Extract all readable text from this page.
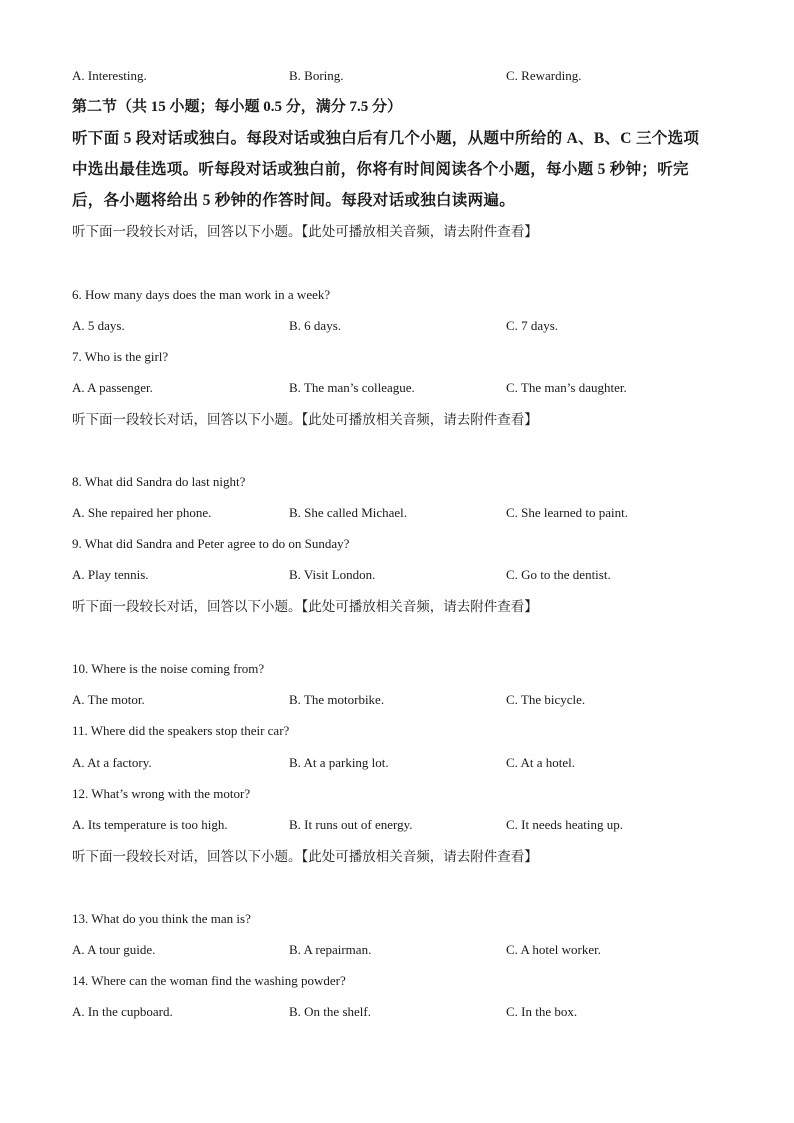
A. Interesting.	B. Boring.	C. Rewarding.
第二节（共 15 小题；每小题 0.5 分，满分 7.5 分）
听下面 5 段对话或独白。每段对话或独白后有几个小题，从题中所给的 A、B、C 三个选项
中选出最佳选项。听每段对话或独白前，你将有时间阅读各个小题，每小题 5 秒钟；听完
后，各小题将给出 5 秒钟的作答时间。每段对话或独白读两遍。
听下面一段较长对话，回答以下小题。【此处可播放相关音频，请去附件查看】
6. How many days does the man work in a week?
A. 5 days.	B. 6 days.	C. 7 days.
7. Who is the girl?
A. A passenger.	B. The man’s colleague.	C. The man’s daughter.
听下面一段较长对话，回答以下小题。【此处可播放相关音频，请去附件查看】
8. What did Sandra do last night?
A. She repaired her phone.	B. She called Michael.	C. She learned to paint.
9. What did Sandra and Peter agree to do on Sunday?
A. Play tennis.	B. Visit London.	C. Go to the dentist.
听下面一段较长对话，回答以下小题。【此处可播放相关音频，请去附件查看】
10. Where is the noise coming from?
A. The motor.	B. The motorbike.	C. The bicycle.
11. Where did the speakers stop their car?
A. At a factory.	B. At a parking lot.	C. At a hotel.
12. What’s wrong with the motor?
A. Its temperature is too high.	B. It runs out of energy.	C. It needs heating up.
听下面一段较长对话，回答以下小题。【此处可播放相关音频，请去附件查看】
13. What do you think the man is?
A. A tour guide.	B. A repairman.	C. A hotel worker.
14. Where can the woman find the washing powder?
A. In the cupboard.	B. On the shelf.	C. In the box.
